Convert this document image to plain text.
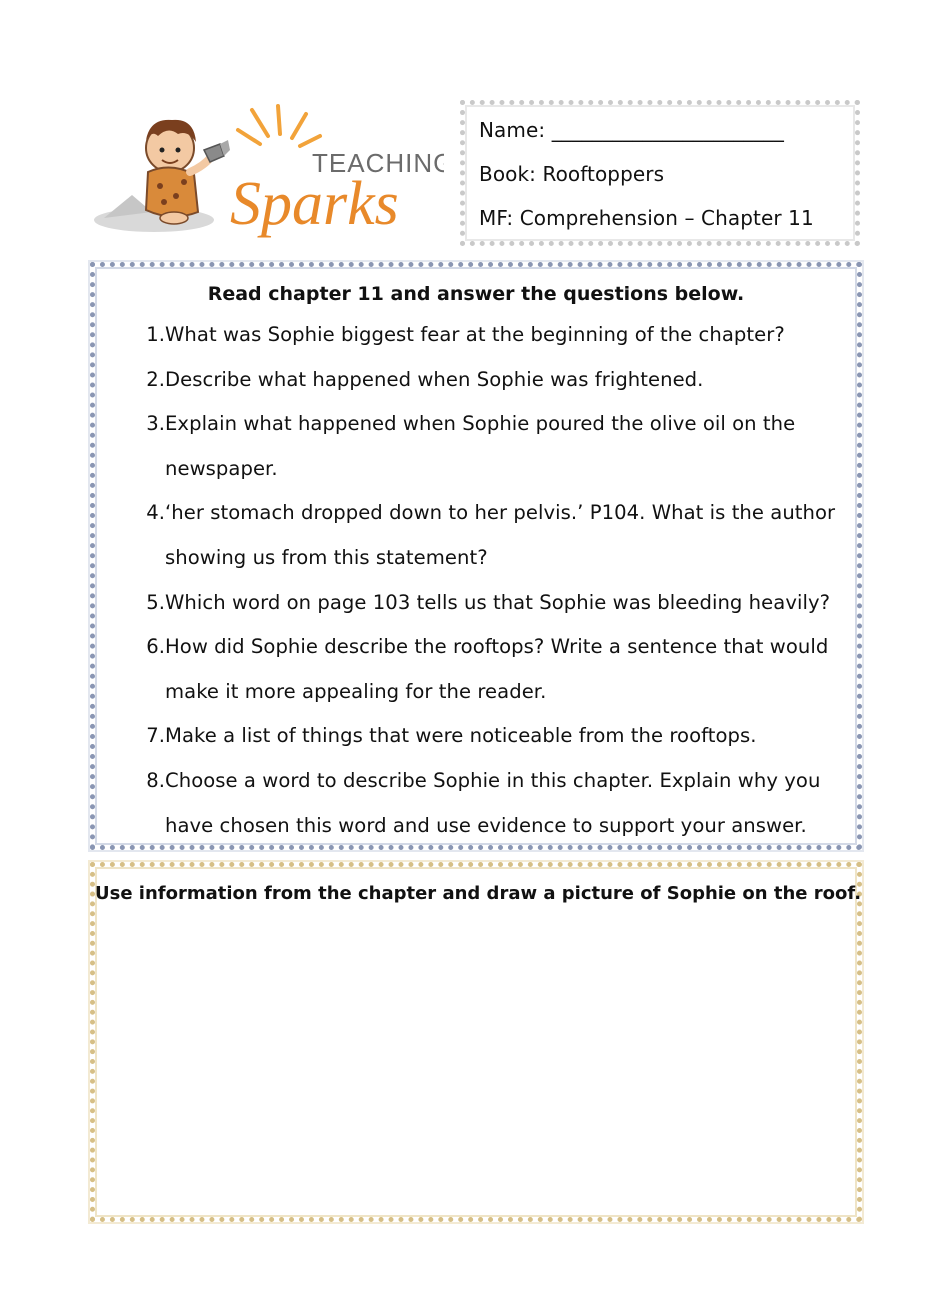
TEACHING
Sparks
Name: _______________________
Book: Rooftoppers
MF: Comprehension – Chapter 11
Read chapter 11 and answer the questions below.
1. What was Sophie biggest fear at the beginning of the chapter?
2. Describe what happened when Sophie was frightened.
3. Explain what happened when Sophie poured the olive oil on the
newspaper.
4. ‘her stomach dropped down to her pelvis.’ P104. What is the author
showing us from this statement?
5. Which word on page 103 tells us that Sophie was bleeding heavily?
6. How did Sophie describe the rooftops? Write a sentence that would
make it more appealing for the reader.
7. Make a list of things that were noticeable from the rooftops.
8. Choose a word to describe Sophie in this chapter. Explain why you
have chosen this word and use evidence to support your answer.
Use information from the chapter and draw a picture of Sophie on the roof.
